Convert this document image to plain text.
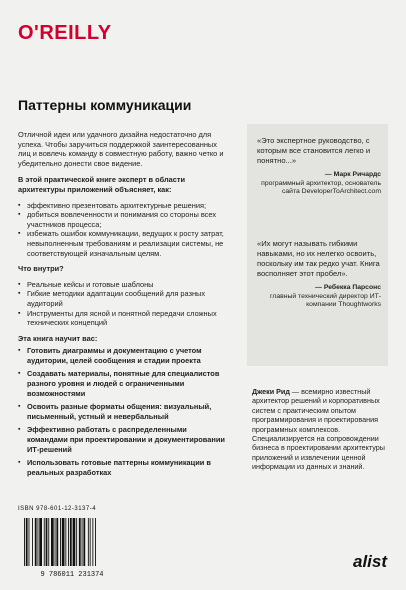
O'REILLY
Паттерны коммуникации

Отличной идеи или удачного дизайна недостаточно для успеха. Чтобы заручиться поддержкой заинтересованных лиц и вовлечь команду в совместную работу, важно четко и убедительно донести свое видение.

В этой практической книге эксперт в области архитектуры приложений объясняет, как:

▪ эффективно презентовать архитектурные решения;
▪ добиться вовлеченности и понимания со стороны всех участников процесса;
▪ избежать ошибок коммуникации, ведущих к росту затрат, невыполненным требованиям и реализации системы, не соответствующей изначальным целям.

Что внутри?

▪ Реальные кейсы и готовые шаблоны
▪ Гибкие методики адаптации сообщений для разных аудиторий
▪ Инструменты для ясной и понятной передачи сложных технических концепций

Эта книга научит вас:

▪ Готовить диаграммы и документацию с учетом аудитории, целей сообщения и стадии проекта
▪ Создавать материалы, понятные для специалистов разного уровня и людей с ограниченными возможностями
▪ Освоить разные форматы общения: визуальный, письменный, устный и невербальный
▪ Эффективно работать с распределенными командами при проектировании и документировании ИТ-решений
▪ Использовать готовые паттерны коммуникации в реальных разработках

«Это экспертное руководство, с которым все становится легко и понятно...»

— Марк Ричардс
программный архитектор, основатель сайта DeveloperToArchitect.com

«Их могут называть гибкими навыками, но их нелегко освоить, поскольку им так редко учат. Книга восполняет этот пробел».

— Ребекка Парсонс
главный технический директор ИТ-компании Thoughtworks

Джеки Рид — всемирно известный архитектор решений и корпоративных систем с практическим опытом программирования и проектирования программных комплексов. Специализируется на сопровождении бизнеса в проектировании архитектуры приложений и извлечении ценной информации из данных и знаний.

ISBN 978-601-12-3137-4
9 786011 231374
alist
